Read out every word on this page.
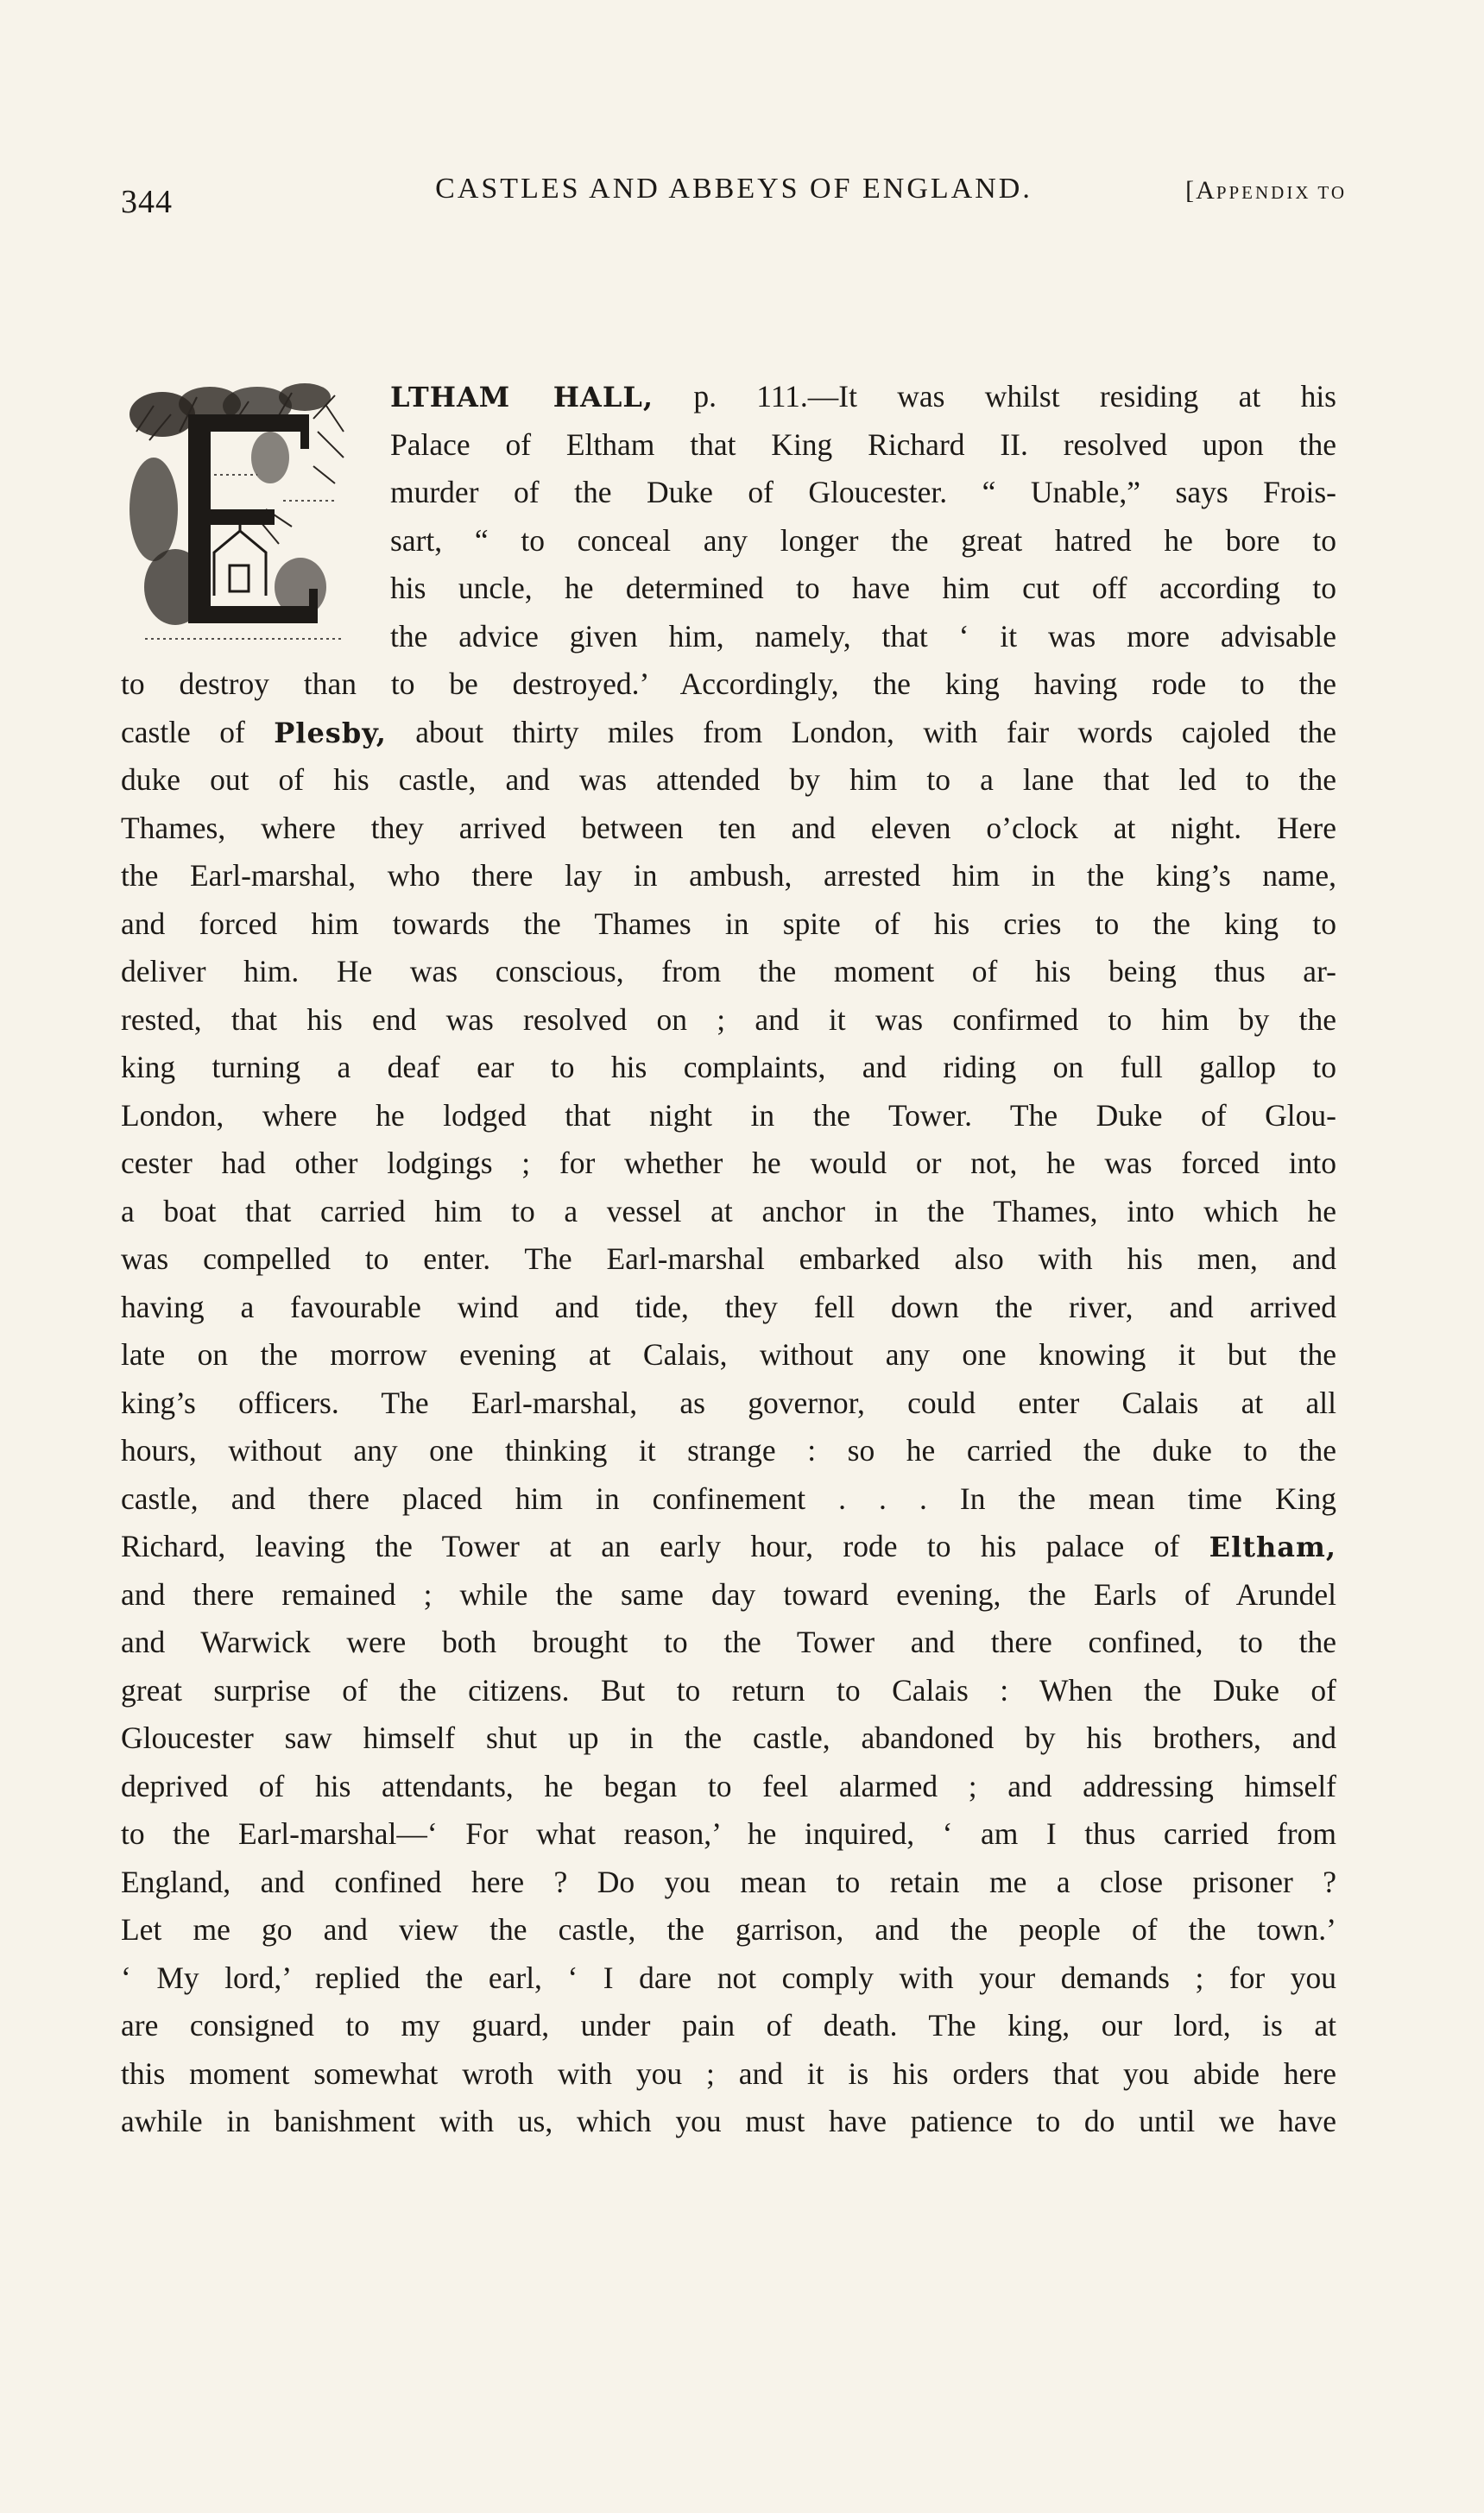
344	CASTLES AND ABBEYS OF ENGLAND.	[APPENDIX TO
LTHAM HALL, p. 111.—It was whilst residing at his
Palace of Eltham that King Richard II. resolved upon the
murder of the Duke of Gloucester. “ Unable,” says Frois-
sart, “ to conceal any longer the great hatred he bore to
his uncle, he determined to have him cut off according to
the advice given him, namely, that ‘ it was more advisable
to destroy than to be destroyed.’ Accordingly, the king having rode to the
castle of Plesby, about thirty miles from London, with fair words cajoled the
duke out of his castle, and was attended by him to a lane that led to the
Thames, where they arrived between ten and eleven o’clock at night. Here
the Earl-marshal, who there lay in ambush, arrested him in the king’s name,
and forced him towards the Thames in spite of his cries to the king to
deliver him. He was conscious, from the moment of his being thus ar-
rested, that his end was resolved on ; and it was confirmed to him by the
king turning a deaf ear to his complaints, and riding on full gallop to
London, where he lodged that night in the Tower. The Duke of Glou-
cester had other lodgings ; for whether he would or not, he was forced into
a boat that carried him to a vessel at anchor in the Thames, into which he
was compelled to enter. The Earl-marshal embarked also with his men, and
having a favourable wind and tide, they fell down the river, and arrived
late on the morrow evening at Calais, without any one knowing it but the
king’s officers. The Earl-marshal, as governor, could enter Calais at all
hours, without any one thinking it strange : so he carried the duke to the
castle, and there placed him in confinement . . . In the mean time King
Richard, leaving the Tower at an early hour, rode to his palace of Eltham,
and there remained ; while the same day toward evening, the Earls of Arundel
and Warwick were both brought to the Tower and there confined, to the
great surprise of the citizens. But to return to Calais : When the Duke of
Gloucester saw himself shut up in the castle, abandoned by his brothers, and
deprived of his attendants, he began to feel alarmed ; and addressing himself
to the Earl-marshal—‘ For what reason,’ he inquired, ‘ am I thus carried from
England, and confined here ? Do you mean to retain me a close prisoner ?
Let me go and view the castle, the garrison, and the people of the town.’
‘ My lord,’ replied the earl, ‘ I dare not comply with your demands ; for you
are consigned to my guard, under pain of death. The king, our lord, is at
this moment somewhat wroth with you ; and it is his orders that you abide here
awhile in banishment with us, which you must have patience to do until we have
